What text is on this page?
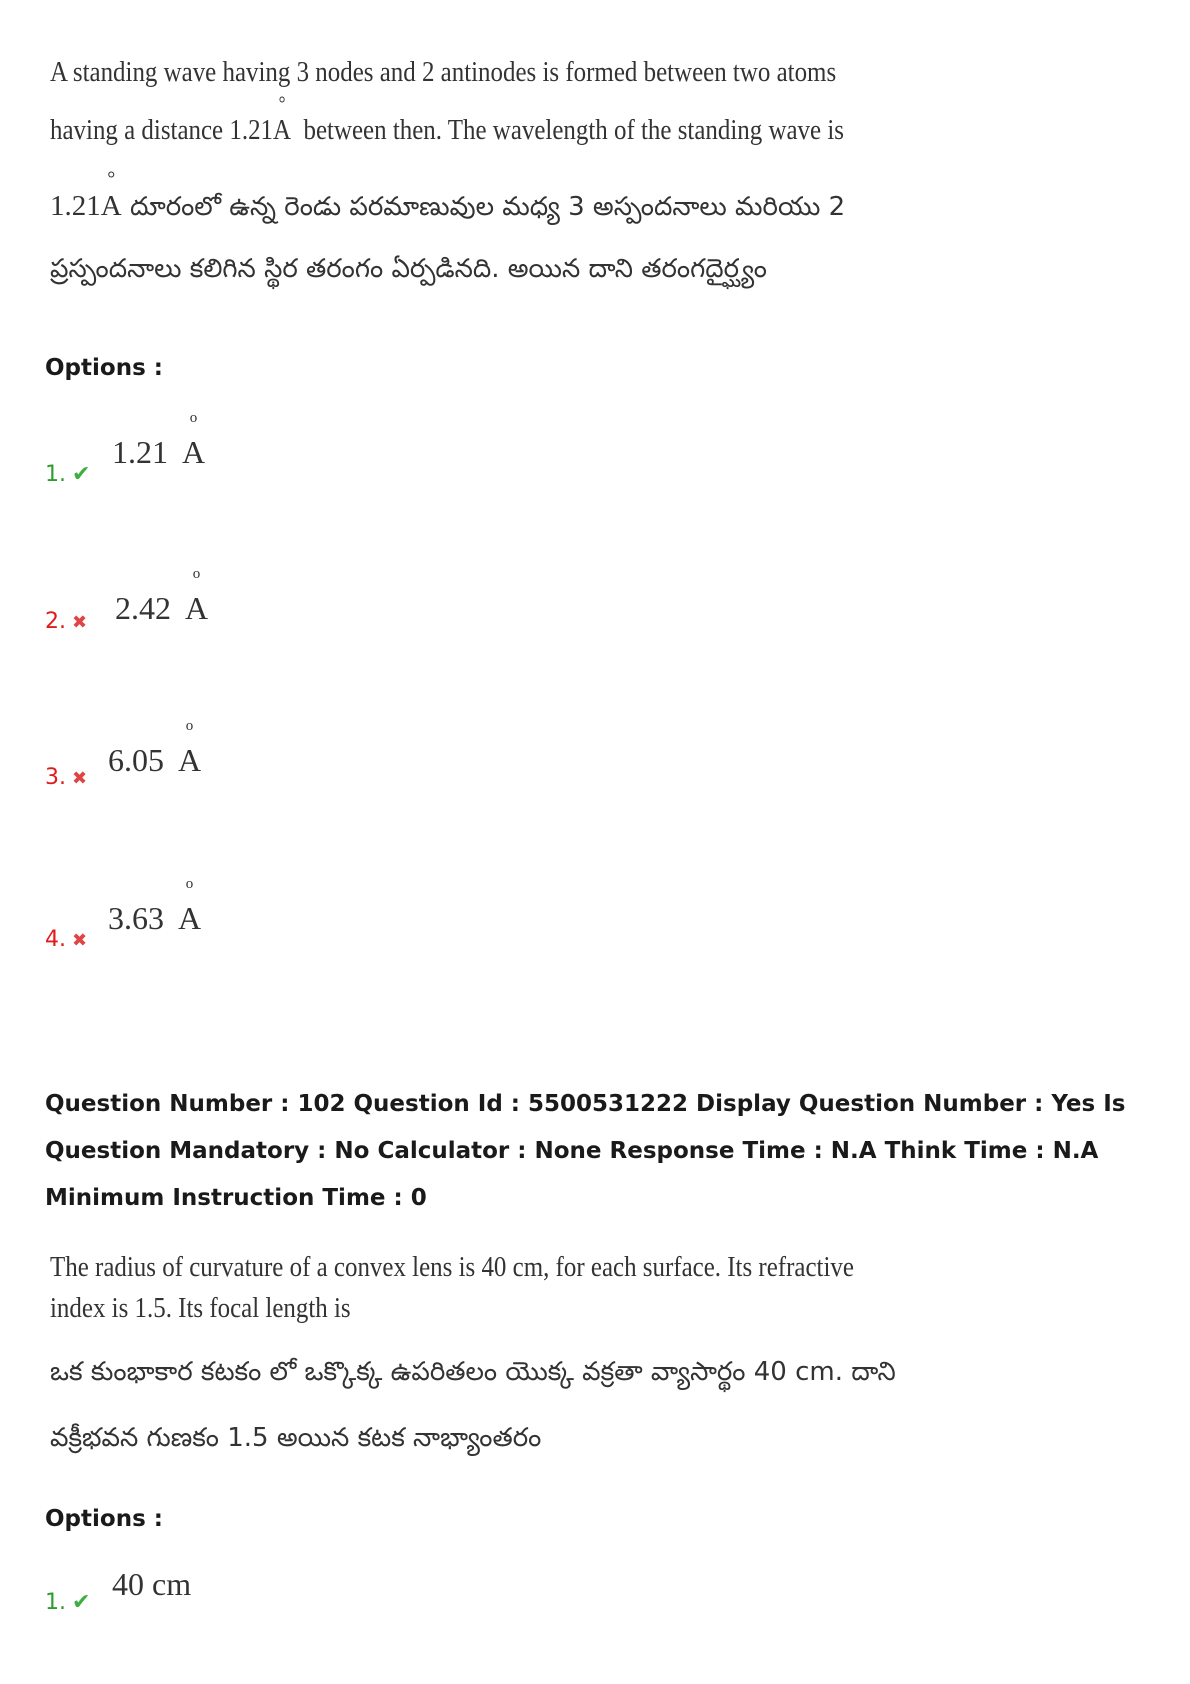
A standing wave having 3 nodes and 2 antinodes is formed between two atoms
having a distance 1.21° A between then. The wavelength of the standing wave is
1.21° A దూరంలో ఉన్న రెండు పరమాణువుల మధ్య 3 అస్పందనాలు మరియు 2
ప్రస్పందనాలు కలిగిన స్థిర తరంగం ఏర్పడినది. అయిన దాని తరంగదైర్ఘ్యం
Options :
1. ✔
1.21 o A
2. ✖ 2.42 o A
3. ✖
6.05 o A
4. ✖
3.63 o A
Question Number : 102 Question Id : 5500531222 Display Question Number : Yes Is Question Mandatory : No Calculator : None Response Time : N.A Think Time : N.A Minimum Instruction Time : 0
The radius of curvature of a convex lens is 40 cm, for each surface. Its refractive
index is 1.5. Its focal length is
ఒక కుంభాకార కటకం లో ఒక్కొక్క ఉపరితలం యొక్క వక్రతా వ్యాసార్థం 40 cm. దాని
వక్రీభవన గుణకం 1.5 అయిన కటక నాభ్యాంతరం
Options :
1. ✔
40 cm
